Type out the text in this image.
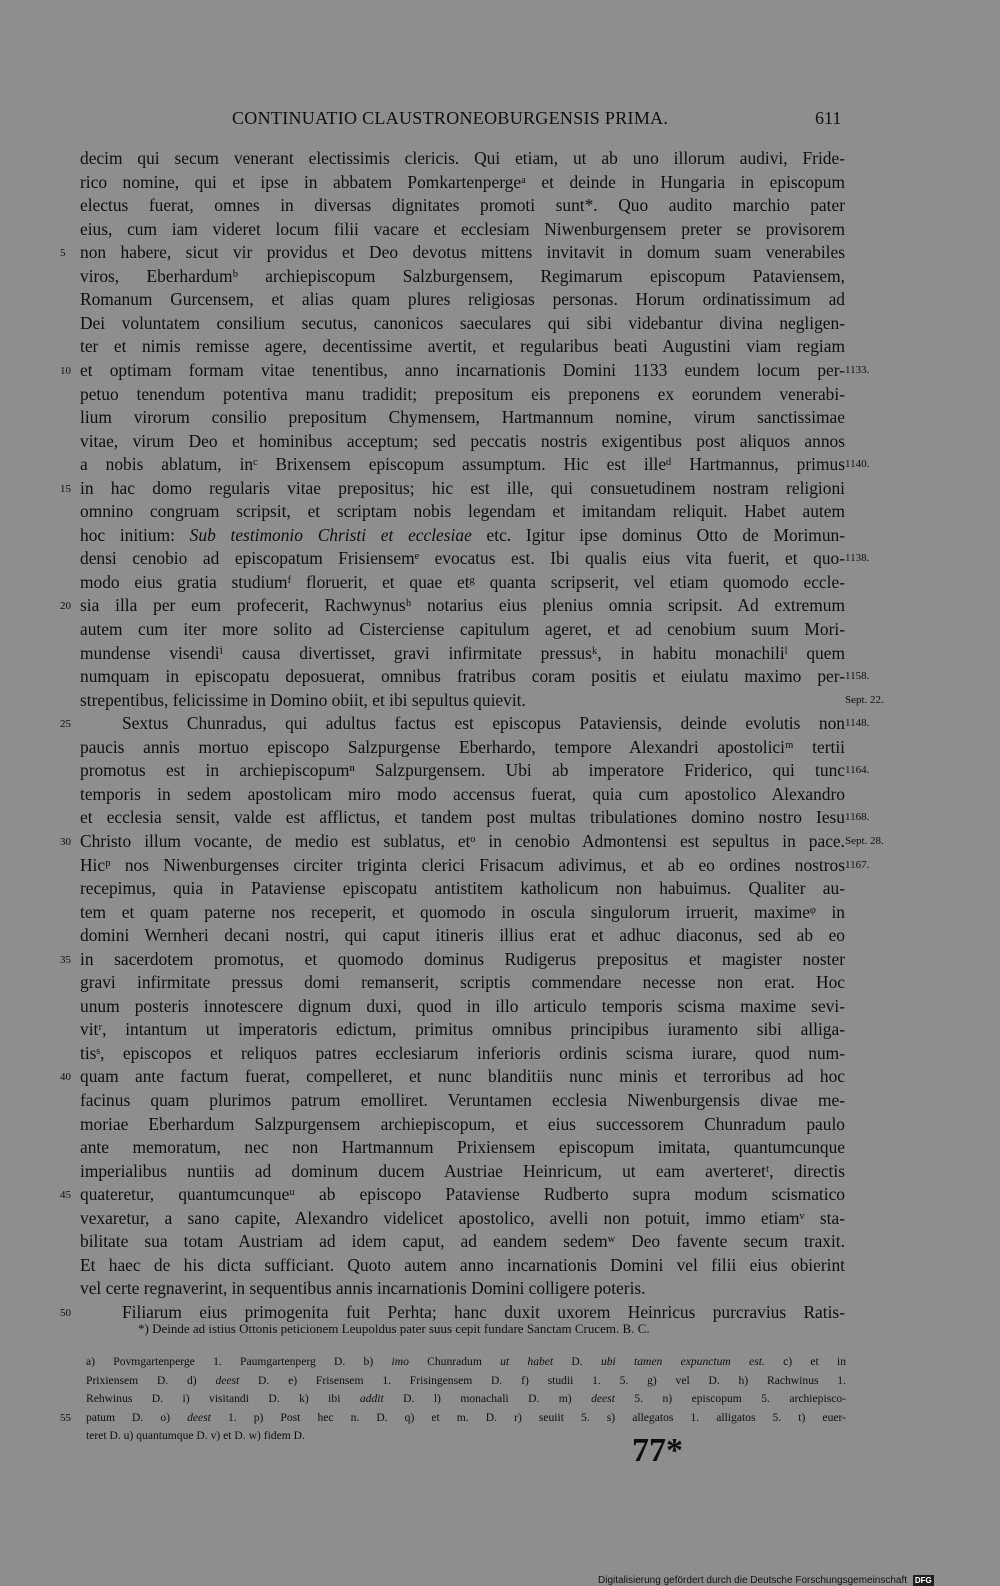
CONTINUATIO CLAUSTRONEOBURGENSIS PRIMA.	611
decim qui secum venerant electissimis clericis. Qui etiam, ut ab uno illorum audivi, Fride-
rico nomine, qui et ipse in abbatem Pomkartenpergeᵃ et deinde in Hungaria in episcopum
electus fuerat, omnes in diversas dignitates promoti sunt*. Quo audito marchio pater
eius, cum iam videret locum filii vacare et ecclesiam Niwenburgensem preter se provisorem
non habere, sicut vir providus et Deo devotus mittens invitavit in domum suam venerabiles
5
viros, Eberhardumᵇ archiepiscopum Salzburgensem, Regimarum episcopum Pataviensem,
Romanum Gurcensem, et alias quam plures religiosas personas. Horum ordinatissimum ad
Dei voluntatem consilium secutus, canonicos saeculares qui sibi videbantur divina negligen-
ter et nimis remisse agere, decentissime avertit, et regularibus beati Augustini viam regiam
et optimam formam vitae tenentibus, anno incarnationis Domini 1133 eundem locum per-
10	1133.
petuo tenendum potentiva manu tradidit; prepositum eis preponens ex eorundem venerabi-
lium virorum consilio prepositum Chymensem, Hartmannum nomine, virum sanctissimae
vitae, virum Deo et hominibus acceptum; sed peccatis nostris exigentibus post aliquos annos
a nobis ablatum, inᶜ Brixensem episcopum assumptum. Hic est illeᵈ Hartmannus, primus 1140.
in hac domo regularis vitae prepositus; hic est ille, qui consuetudinem nostram religioni
15
omnino congruam scripsit, et scriptam nobis legendam et imitandam reliquit. Habet autem
hoc initium: Sub testimonio Christi et ecclesiae etc. Igitur ipse dominus Otto de Morimun-
densi cenobio ad episcopatum Frisiensemᵉ evocatus est. Ibi qualis eius vita fuerit, et quo- 1138.
modo eius gratia studiumᶠ floruerit, et quae etᵍ quanta scripserit, vel etiam quomodo eccle-
sia illa per eum profecerit, Rachwynusʰ notarius eius plenius omnia scripsit. Ad extremum
20
autem cum iter more solito ad Cisterciense capitulum ageret, et ad cenobium suum Mori-
mundense visendiⁱ causa divertisset, gravi infirmitate pressusᵏ, in habitu monachiliˡ quem
numquam in episcopatu deposuerat, omnibus fratribus coram positis et eiulatu maximo per- 1158.
strepentibus, felicissime in Domino obiit, et ibi sepultus quievit.	Sept. 22.
Sextus Chunradus, qui adultus factus est episcopus Pataviensis, deinde evolutis non
25	1148.
paucis annis mortuo episcopo Salzpurgense Eberhardo, tempore Alexandri apostoliciᵐ tertii
promotus est in archiepiscopumⁿ Salzpurgensem. Ubi ab imperatore Friderico, qui tunc 1164.
temporis in sedem apostolicam miro modo accensus fuerat, quia cum apostolico Alexandro
et ecclesia sensit, valde est afflictus, et tandem post multas tribulationes domino nostro Iesu 1168.
Christo illum vocante, de medio est sublatus, etᵒ in cenobio Admontensi est sepultus in pace.
30	Sept. 28.
Hicᵖ nos Niwenburgenses circiter triginta clerici Frisacum adivimus, et ab eo ordines nostros 1167.
recepimus, quia in Pataviense episcopatu antistitem katholicum non habuimus. Qualiter au-
tem et quam paterne nos receperit, et quomodo in oscula singulorum irruerit, maximeᵠ in
domini Wernheri decani nostri, qui caput itineris illius erat et adhuc diaconus, sed ab eo
in sacerdotem promotus, et quomodo dominus Rudigerus prepositus et magister noster
35
gravi infirmitate pressus domi remanserit, scriptis commendare necesse non erat. Hoc
unum posteris innotescere dignum duxi, quod in illo articulo temporis scisma maxime sevi-
vitʳ, intantum ut imperatoris edictum, primitus omnibus principibus iuramento sibi alliga-
tisˢ, episcopos et reliquos patres ecclesiarum inferioris ordinis scisma iurare, quod num-
quam ante factum fuerat, compelleret, et nunc blanditiis nunc minis et terroribus ad hoc
40
facinus quam plurimos patrum emolliret. Veruntamen ecclesia Niwenburgensis divae me-
moriae Eberhardum Salzpurgensem archiepiscopum, et eius successorem Chunradum paulo
ante memoratum, nec non Hartmannum Prixiensem episcopum imitata, quantumcunque
imperialibus nuntiis ad dominum ducem Austriae Heinricum, ut eam averteretᵗ, directis
quateretur, quantumcunqueᵘ ab episcopo Pataviense Rudberto supra modum scismatico
45
vexaretur, a sano capite, Alexandro videlicet apostolico, avelli non potuit, immo etiamᵛ sta-
bilitate sua totam Austriam ad idem caput, ad eandem sedemʷ Deo favente secum traxit.
Et haec de his dicta sufficiant. Quoto autem anno incarnationis Domini vel filii eius obierint
vel certe regnaverint, in sequentibus annis incarnationis Domini colligere poteris.
Filiarum eius primogenita fuit Perhta; hanc duxit uxorem Heinricus purcravius Ratis-
50
*) Deinde ad istius Ottonis peticionem Leupoldus pater suus cepit fundare Sanctam Crucem. B. C.
a) Povmgartenperge 1. Paumgartenperg D. b) imo Chunradum ut habet D. ubi tamen expunctum est. c) et in
Prixiensem D. d) deest D. e) Frisensem 1. Frisingensem D. f) studii 1. 5. g) vel D. h) Rachwinus 1.
Rehwinus D. i) visitandi D. k) ibi addit D. l) monachali D. m) deest 5. n) episcopum 5. archiepisco-
patum D. o) deest 1. p) Post hec n. D. q) et m. D. r) seuiit 5. s) allegatos 1. alligatos 5. t) euer-
55
teret D. u) quantumque D. v) et D. w) fidem D.	77*
Digitalisierung gefördert durch die Deutsche Forschungsgemeinschaft DFG
